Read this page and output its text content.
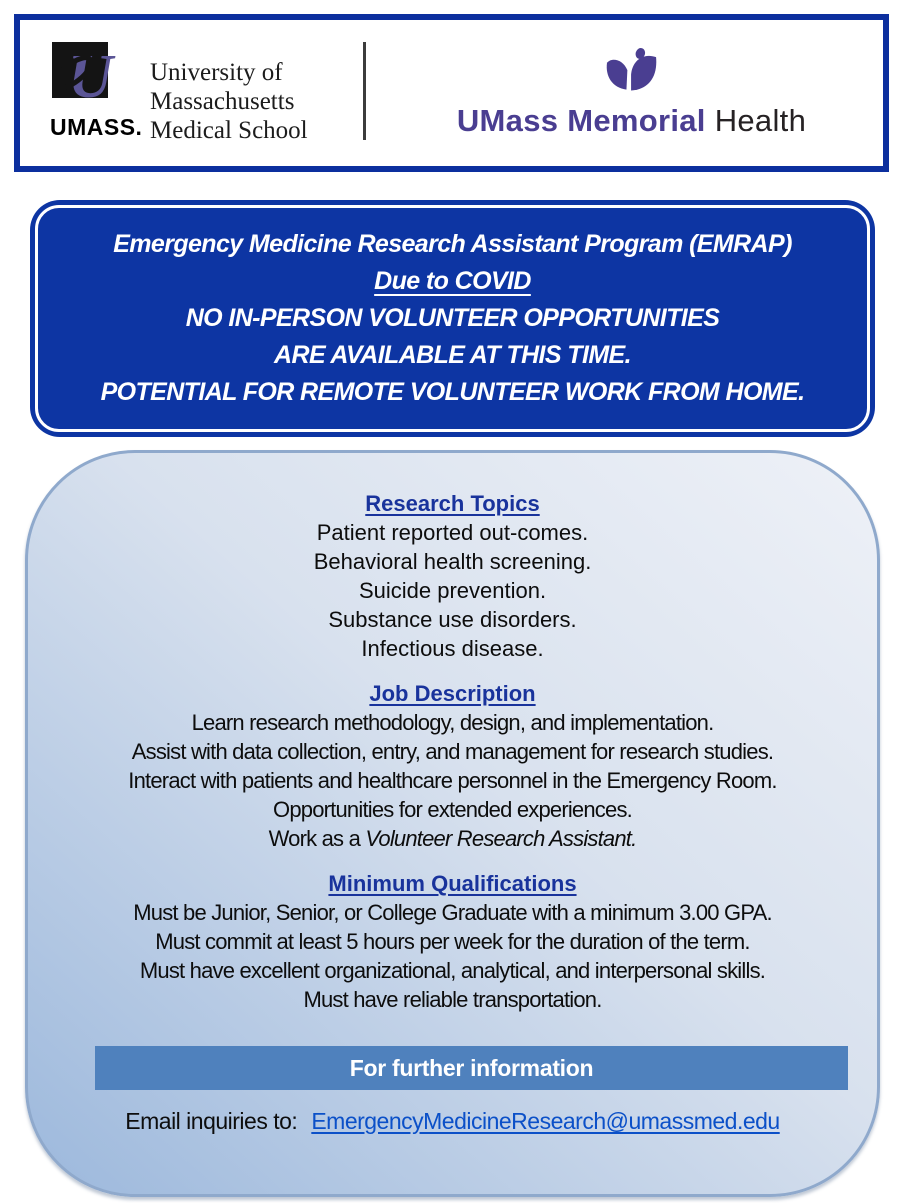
U
UMASS.
University of
Massachusetts
Medical School	UMass Memorial Health
Emergency Medicine Research Assistant Program (EMRAP)
Due to COVID
NO IN-PERSON VOLUNTEER OPPORTUNITIES
ARE AVAILABLE AT THIS TIME.
POTENTIAL FOR REMOTE VOLUNTEER WORK FROM HOME.
Research Topics
Patient reported out-comes.
Behavioral health screening.
Suicide prevention.
Substance use disorders.
Infectious disease.
Job Description
Learn research methodology, design, and implementation.
Assist with data collection, entry, and management for research studies.
Interact with patients and healthcare personnel in the Emergency Room.
Opportunities for extended experiences.
Work as a Volunteer Research Assistant.
Minimum Qualifications
Must be Junior, Senior, or College Graduate with a minimum 3.00 GPA.
Must commit at least 5 hours per week for the duration of the term.
Must have excellent organizational, analytical, and interpersonal skills.
Must have reliable transportation.
For further information
Email inquiries to: EmergencyMedicineResearch@umassmed.edu
